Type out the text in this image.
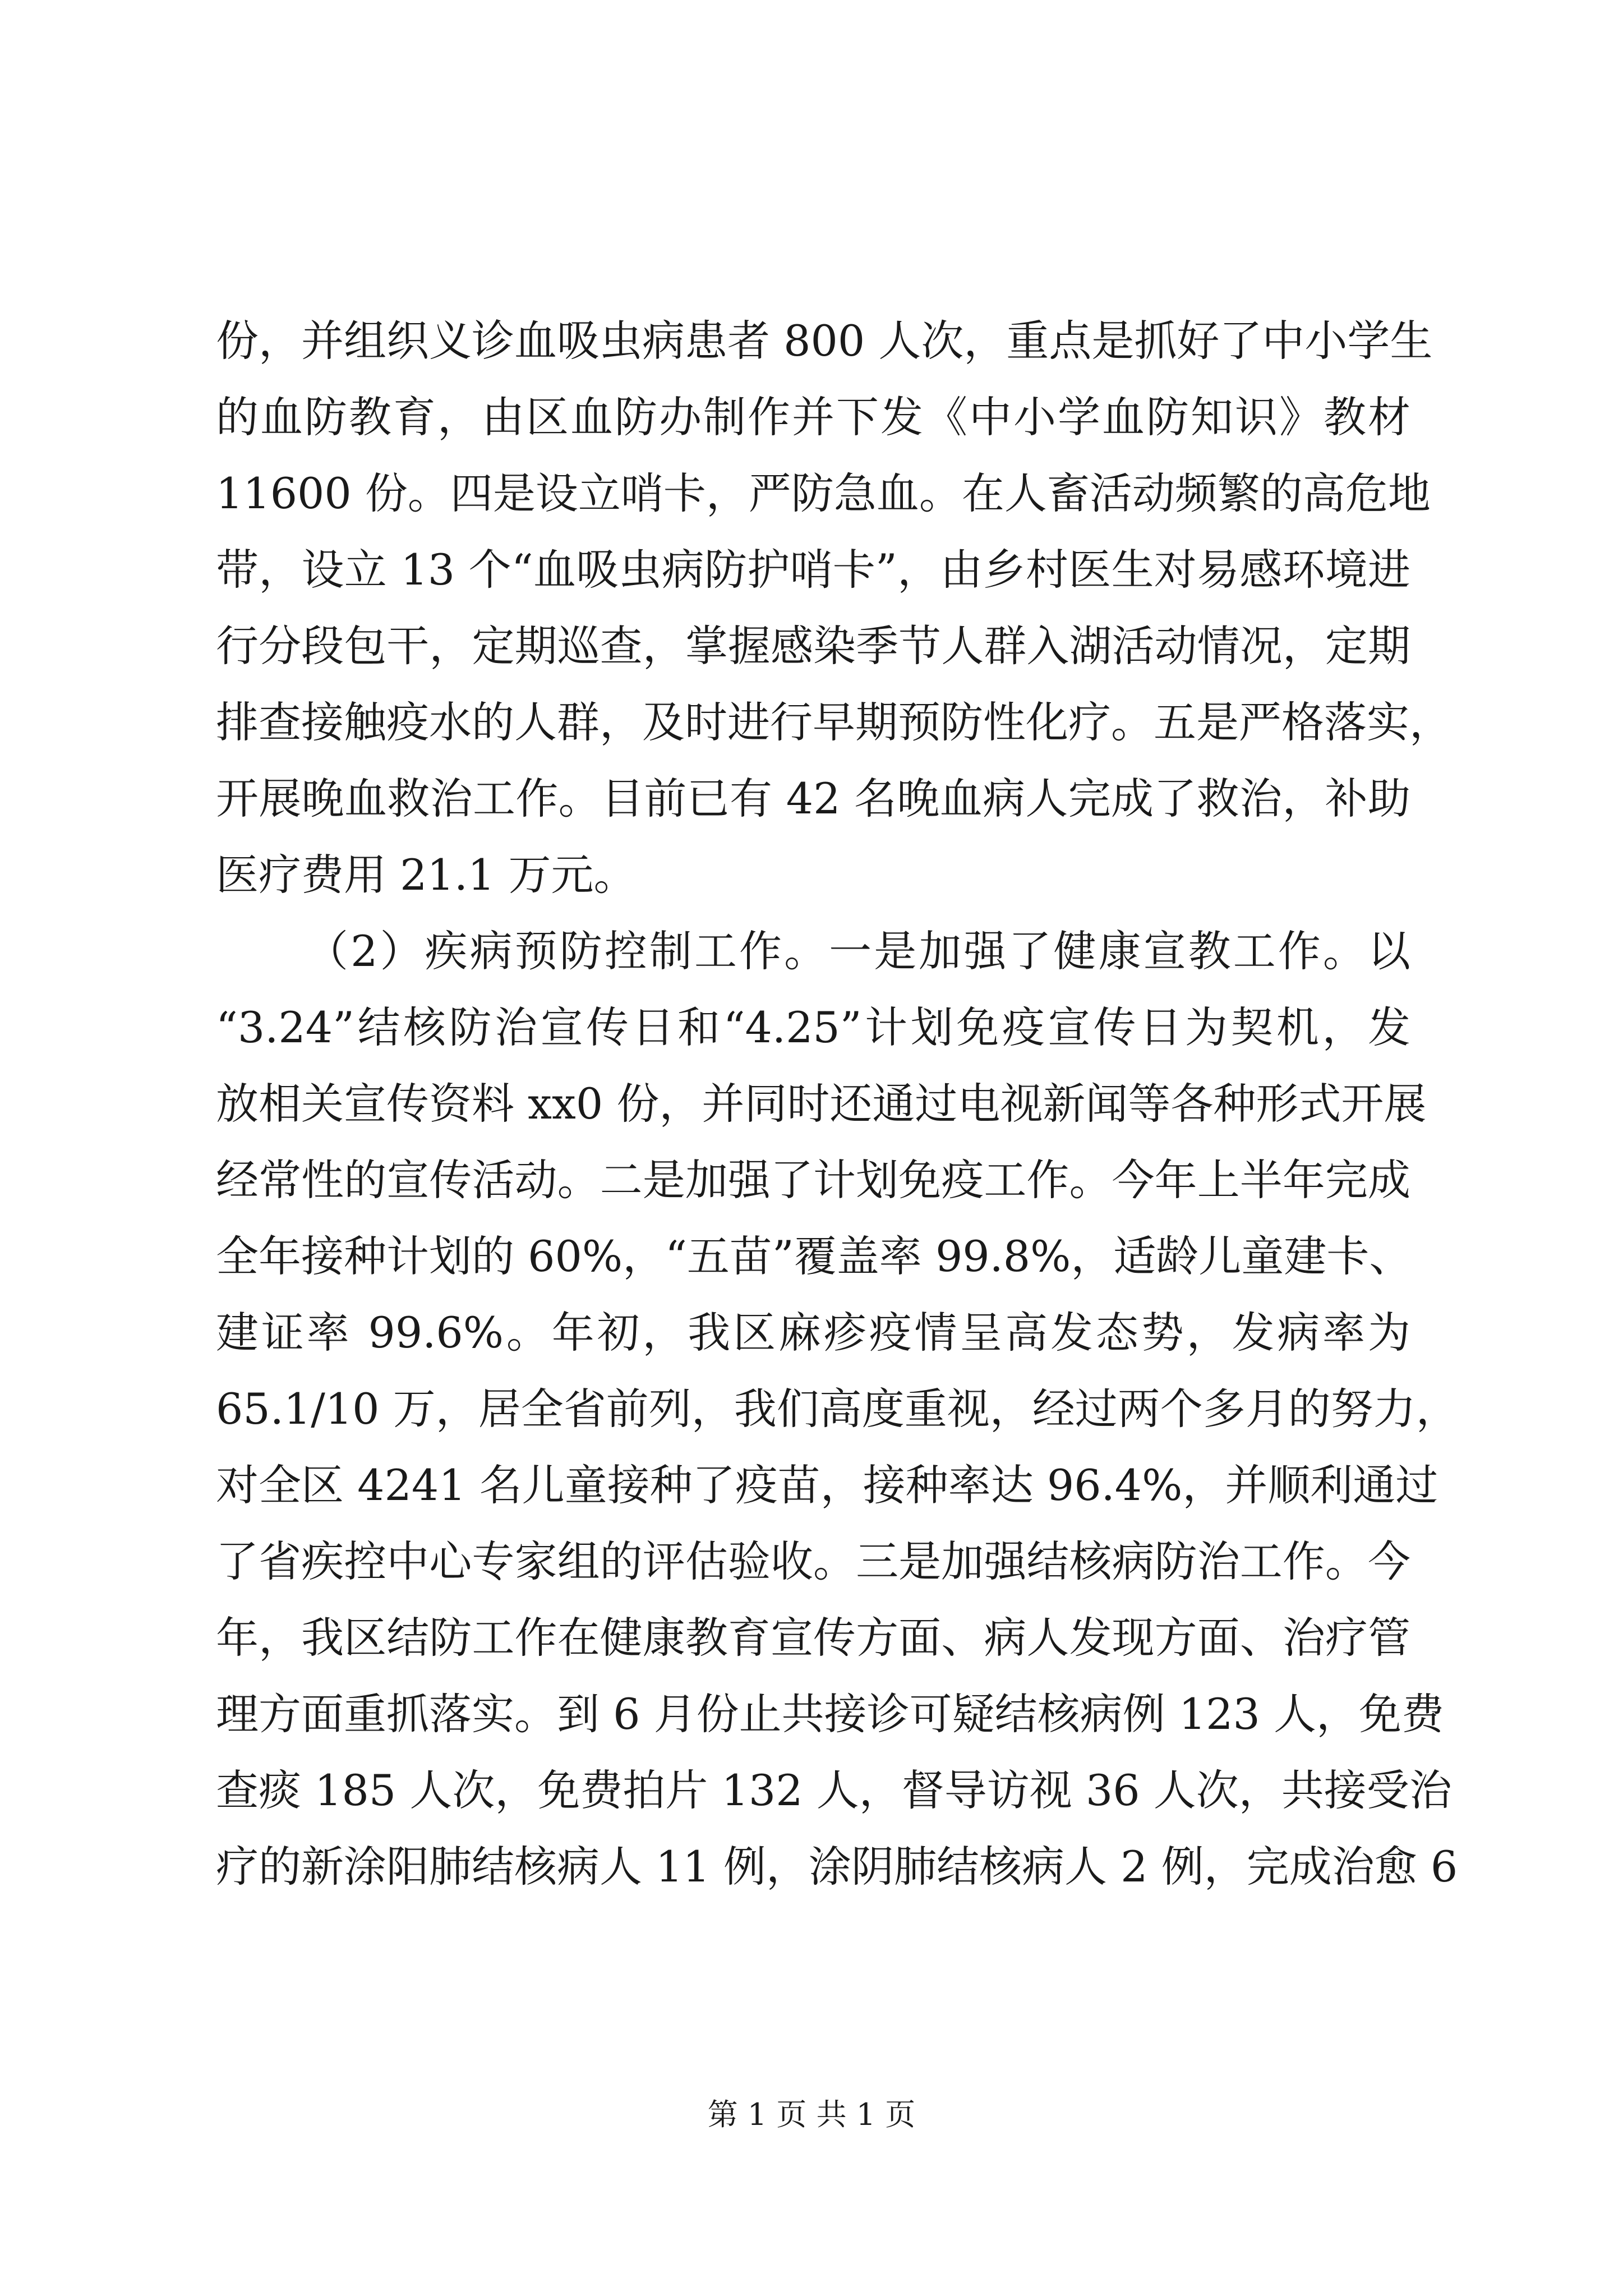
份，并组织义诊血吸虫病患者 800 人次，重点是抓好了中小学生
的血防教育，由区血防办制作并下发《中小学血防知识》教材
11600 份。四是设立哨卡，严防急血。在人畜活动频繁的高危地
带，设立 13 个“血吸虫病防护哨卡”，由乡村医生对易感环境进
行分段包干，定期巡查，掌握感染季节人群入湖活动情况，定期
排查接触疫水的人群，及时进行早期预防性化疗。五是严格落实，
开展晚血救治工作。目前已有 42 名晚血病人完成了救治，补助
医疗费用 21.1 万元。
（2）疾病预防控制工作。一是加强了健康宣教工作。以
“3.24”结核防治宣传日和“4.25”计划免疫宣传日为契机，发
放相关宣传资料 xx0 份，并同时还通过电视新闻等各种形式开展
经常性的宣传活动。二是加强了计划免疫工作。今年上半年完成
全年接种计划的 60%，“五苗”覆盖率 99.8%，适龄儿童建卡、
建证率 99.6%。年初，我区麻疹疫情呈高发态势，发病率为
65.1/10 万，居全省前列，我们高度重视，经过两个多月的努力，
对全区 4241 名儿童接种了疫苗，接种率达 96.4%，并顺利通过
了省疾控中心专家组的评估验收。三是加强结核病防治工作。今
年，我区结防工作在健康教育宣传方面、病人发现方面、治疗管
理方面重抓落实。到 6 月份止共接诊可疑结核病例 123 人，免费
查痰 185 人次，免费拍片 132 人，督导访视 36 人次，共接受治
疗的新涂阳肺结核病人 11 例，涂阴肺结核病人 2 例，完成治愈 6
第 1 页 共 1 页
